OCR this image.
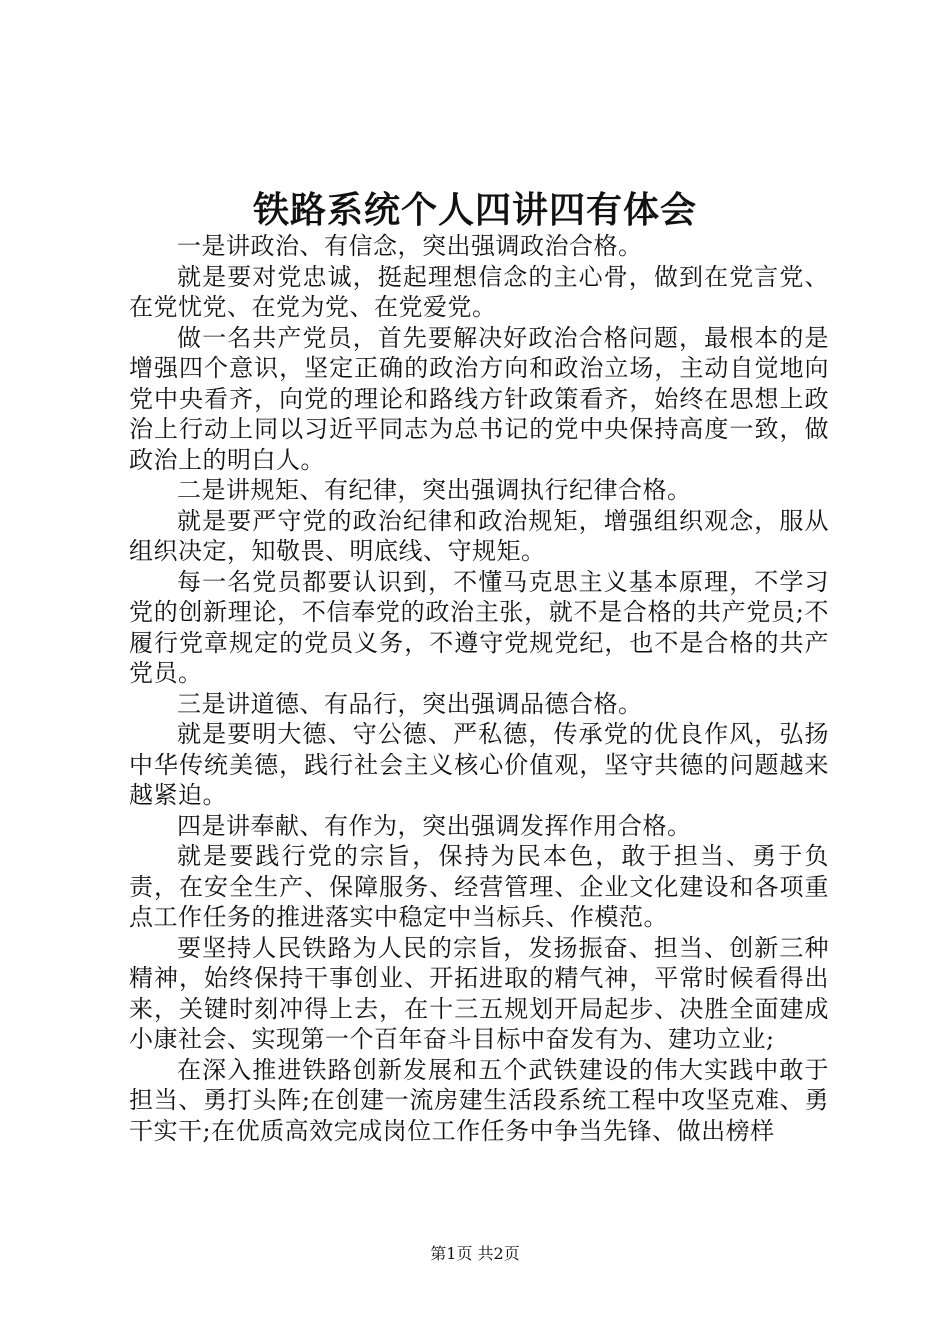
铁路系统个人四讲四有体会

一是讲政治、有信念，突出强调政治合格。

就是要对党忠诚，挺起理想信念的主心骨，做到在党言党、在党忧党、在党为党、在党爱党。

做一名共产党员，首先要解决好政治合格问题，最根本的是增强四个意识，坚定正确的政治方向和政治立场，主动自觉地向党中央看齐，向党的理论和路线方针政策看齐，始终在思想上政治上行动上同以习近平同志为总书记的党中央保持高度一致，做政治上的明白人。

二是讲规矩、有纪律，突出强调执行纪律合格。

就是要严守党的政治纪律和政治规矩，增强组织观念，服从组织决定，知敬畏、明底线、守规矩。

每一名党员都要认识到，不懂马克思主义基本原理，不学习党的创新理论，不信奉党的政治主张，就不是合格的共产党员;不履行党章规定的党员义务，不遵守党规党纪，也不是合格的共产党员。

三是讲道德、有品行，突出强调品德合格。

就是要明大德、守公德、严私德，传承党的优良作风，弘扬中华传统美德，践行社会主义核心价值观，坚守共德的问题越来越紧迫。

四是讲奉献、有作为，突出强调发挥作用合格。

就是要践行党的宗旨，保持为民本色，敢于担当、勇于负责，在安全生产、保障服务、经营管理、企业文化建设和各项重点工作任务的推进落实中稳定中当标兵、作模范。

要坚持人民铁路为人民的宗旨，发扬振奋、担当、创新三种精神，始终保持干事创业、开拓进取的精气神，平常时候看得出来，关键时刻冲得上去，在十三五规划开局起步、决胜全面建成小康社会、实现第一个百年奋斗目标中奋发有为、建功立业;

在深入推进铁路创新发展和五个武铁建设的伟大实践中敢于担当、勇打头阵;在创建一流房建生活段系统工程中攻坚克难、勇干实干;在优质高效完成岗位工作任务中争当先锋、做出榜样

第1页 共2页
